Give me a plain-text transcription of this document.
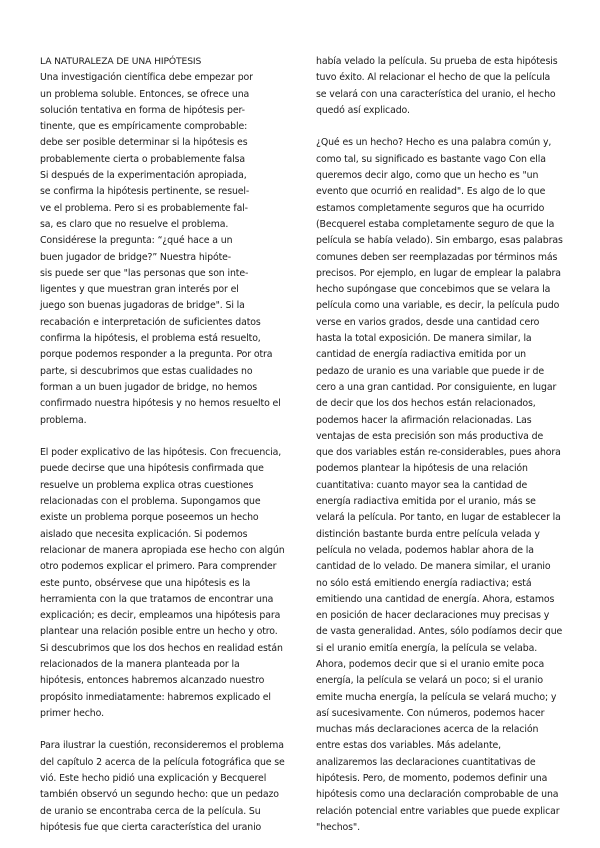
LA NATURALEZA DE UNA HIPÓTESIS

Una investigación científica debe empezar por
un problema soluble. Entonces, se ofrece una
solución tentativa en forma de hipótesis per-
tinente, que es empíricamente comprobable:
debe ser posible determinar si la hipótesis es
probablemente cierta o probablemente falsa
Si después de la experimentación apropiada,
se confirma la hipótesis pertinente, se resuel-
ve el problema. Pero si es probablemente fal-
sa, es claro que no resuelve el problema.
Considérese la pregunta: “¿qué hace a un
buen jugador de bridge?” Nuestra hipóte-
sis puede ser que "las personas que son inte-
ligentes y que muestran gran interés por el
juego son buenas jugadoras de bridge". Si la
recabación e interpretación de suficientes datos
confirma la hipótesis, el problema está resuelto,
porque podemos responder a la pregunta. Por otra
parte, si descubrimos que estas cualidades no
forman a un buen jugador de bridge, no hemos
confirmado nuestra hipótesis y no hemos resuelto el
problema.

El poder explicativo de las hipótesis. Con frecuencia,
puede decirse que una hipótesis confirmada que
resuelve un problema explica otras cuestiones
relacionadas con el problema. Supongamos que
existe un problema porque poseemos un hecho
aislado que necesita explicación. Si podemos
relacionar de manera apropiada ese hecho con algún
otro podemos explicar el primero. Para comprender
este punto, obsérvese que una hipótesis es la
herramienta con la que tratamos de encontrar una
explicación; es decir, empleamos una hipótesis para
plantear una relación posible entre un hecho y otro.
Si descubrimos que los dos hechos en realidad están
relacionados de la manera planteada por la
hipótesis, entonces habremos alcanzado nuestro
propósito inmediatamente: habremos explicado el
primer hecho.

Para ilustrar la cuestión, reconsideremos el problema
del capítulo 2 acerca de la película fotográfica que se
vió. Este hecho pidió una explicación y Becquerel
también observó un segundo hecho: que un pedazo
de uranio se encontraba cerca de la película. Su
hipótesis fue que cierta característica del uranio

había velado la película. Su prueba de esta hipótesis
tuvo éxito. Al relacionar el hecho de que la película
se velará con una característica del uranio, el hecho
quedó así explicado.

¿Qué es un hecho? Hecho es una palabra común y,
como tal, su significado es bastante vago Con ella
queremos decir algo, como que un hecho es "un
evento que ocurrió en realidad". Es algo de lo que
estamos completamente seguros que ha ocurrido
(Becquerel estaba completamente seguro de que la
película se había velado). Sin embargo, esas palabras
comunes deben ser reemplazadas por términos más
precisos. Por ejemplo, en lugar de emplear la palabra
hecho supóngase que concebimos que se velara la
película como una variable, es decir, la película pudo
verse en varios grados, desde una cantidad cero
hasta la total exposición. De manera similar, la
cantidad de energía radiactiva emitida por un
pedazo de uranio es una variable que puede ir de
cero a una gran cantidad. Por consiguiente, en lugar
de decir que los dos hechos están relacionados,
podemos hacer la afirmación relacionadas. Las
ventajas de esta precisión son más productiva de
que dos variables están re-considerables, pues ahora
podemos plantear la hipótesis de una relación
cuantitativa: cuanto mayor sea la cantidad de
energía radiactiva emitida por el uranio, más se
velará la película. Por tanto, en lugar de establecer la
distinción bastante burda entre película velada y
película no velada, podemos hablar ahora de la
cantidad de lo velado. De manera similar, el uranio
no sólo está emitiendo energía radiactiva; está
emitiendo una cantidad de energía. Ahora, estamos
en posición de hacer declaraciones muy precisas y
de vasta generalidad. Antes, sólo podíamos decir que
si el uranio emitía energía, la película se velaba.
Ahora, podemos decir que si el uranio emite poca
energía, la película se velará un poco; si el uranio
emite mucha energía, la película se velará mucho; y
así sucesivamente. Con números, podemos hacer
muchas más declaraciones acerca de la relación
entre estas dos variables. Más adelante,
analizaremos las declaraciones cuantitativas de
hipótesis. Pero, de momento, podemos definir una
hipótesis como una declaración comprobable de una
relación potencial entre variables que puede explicar
"hechos".
